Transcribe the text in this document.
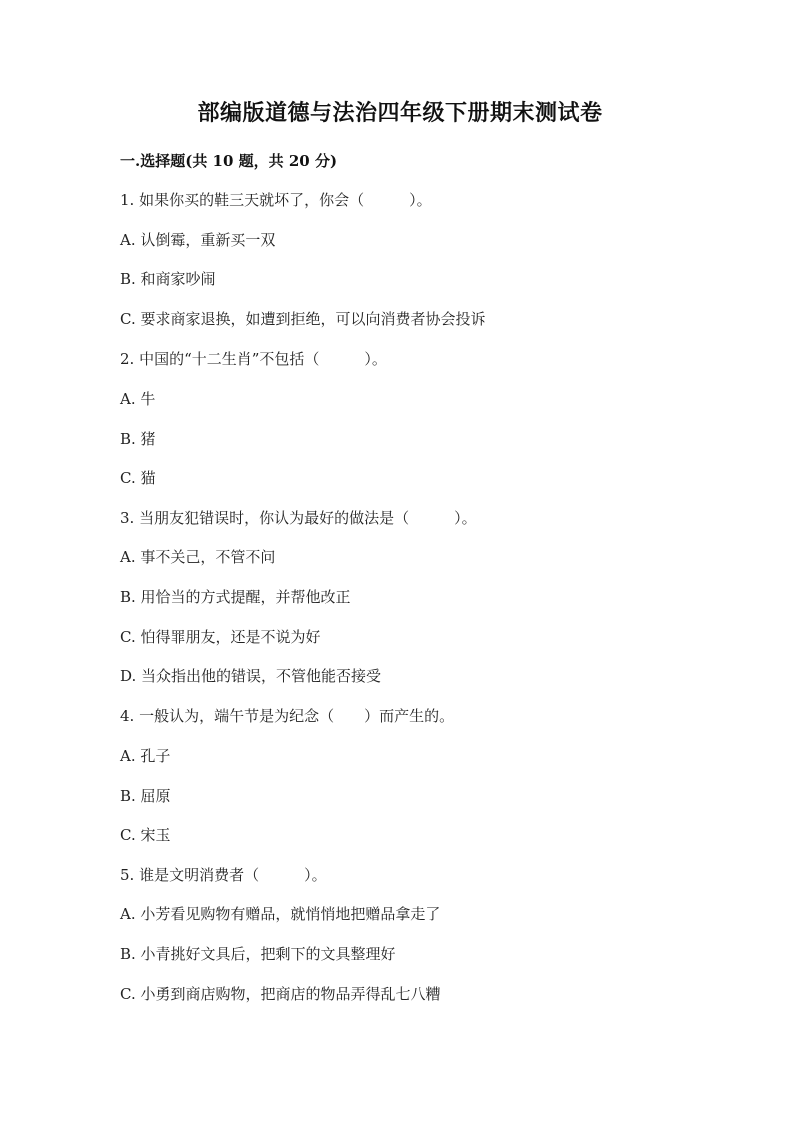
部编版道德与法治四年级下册期末测试卷
一.选择题(共 10 题，共 20 分)
1. 如果你买的鞋三天就坏了，你会（　　　）。
A. 认倒霉，重新买一双
B. 和商家吵闹
C. 要求商家退换，如遭到拒绝，可以向消费者协会投诉
2. 中国的“十二生肖”不包括（　　　）。
A. 牛
B. 猪
C. 猫
3. 当朋友犯错误时，你认为最好的做法是（　　　）。
A. 事不关己，不管不问
B. 用恰当的方式提醒，并帮他改正
C. 怕得罪朋友，还是不说为好
D. 当众指出他的错误，不管他能否接受
4. 一般认为，端午节是为纪念（　　）而产生的。
A. 孔子
B. 屈原
C. 宋玉
5. 谁是文明消费者（　　　）。
A. 小芳看见购物有赠品，就悄悄地把赠品拿走了
B. 小青挑好文具后，把剩下的文具整理好
C. 小勇到商店购物，把商店的物品弄得乱七八糟
